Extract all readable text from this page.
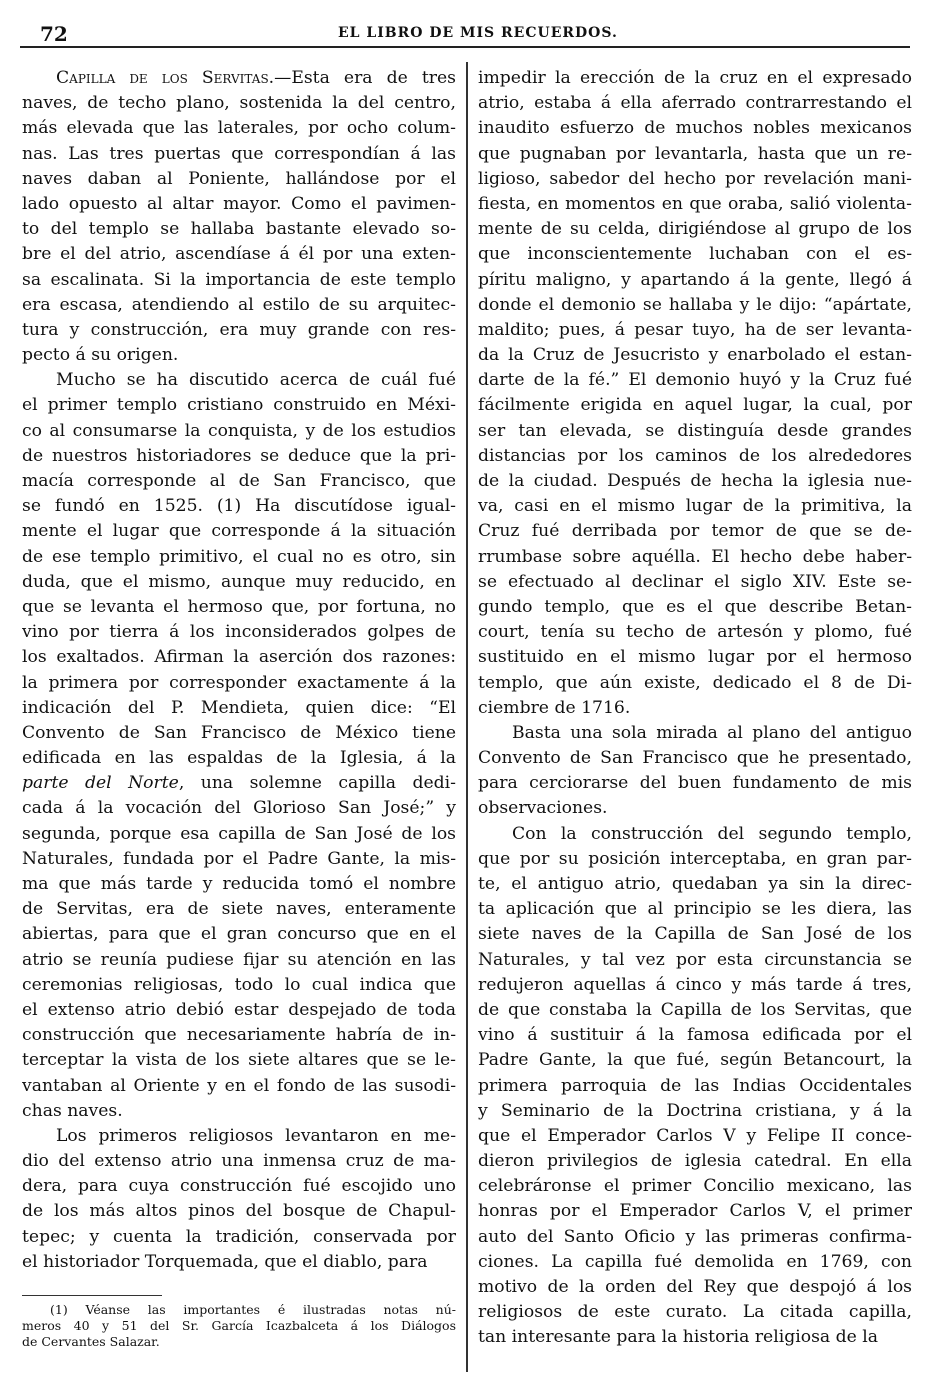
72	EL LIBRO DE MIS RECUERDOS.
Capilla de los Servitas.—Esta era de tres
naves, de techo plano, sostenida la del centro,
más elevada que las laterales, por ocho colum-
nas. Las tres puertas que correspondían á las
naves daban al Poniente, hallándose por el
lado opuesto al altar mayor. Como el pavimen-
to del templo se hallaba bastante elevado so-
bre el del atrio, ascendíase á él por una exten-
sa escalinata. Si la importancia de este templo
era escasa, atendiendo al estilo de su arquitec-
tura y construcción, era muy grande con res-
pecto á su origen.
Mucho se ha discutido acerca de cuál fué
el primer templo cristiano construido en Méxi-
co al consumarse la conquista, y de los estudios
de nuestros historiadores se deduce que la pri-
macía corresponde al de San Francisco, que
se fundó en 1525. (1) Ha discutídose igual-
mente el lugar que corresponde á la situación
de ese templo primitivo, el cual no es otro, sin
duda, que el mismo, aunque muy reducido, en
que se levanta el hermoso que, por fortuna, no
vino por tierra á los inconsiderados golpes de
los exaltados. Afirman la aserción dos razones:
la primera por corresponder exactamente á la
indicación del P. Mendieta, quien dice: “El
Convento de San Francisco de México tiene
edificada en las espaldas de la Iglesia, á la
parte del Norte, una solemne capilla dedi-
cada á la vocación del Glorioso San José;” y
segunda, porque esa capilla de San José de los
Naturales, fundada por el Padre Gante, la mis-
ma que más tarde y reducida tomó el nombre
de Servitas, era de siete naves, enteramente
abiertas, para que el gran concurso que en el
atrio se reunía pudiese fijar su atención en las
ceremonias religiosas, todo lo cual indica que
el extenso atrio debió estar despejado de toda
construcción que necesariamente habría de in-
terceptar la vista de los siete altares que se le-
vantaban al Oriente y en el fondo de las susodi-
chas naves.
Los primeros religiosos levantaron en me-
dio del extenso atrio una inmensa cruz de ma-
dera, para cuya construcción fué escojido uno
de los más altos pinos del bosque de Chapul-
tepec; y cuenta la tradición, conservada por
el historiador Torquemada, que el diablo, para
impedir la erección de la cruz en el expresado
atrio, estaba á ella aferrado contrarrestando el
inaudito esfuerzo de muchos nobles mexicanos
que pugnaban por levantarla, hasta que un re-
ligioso, sabedor del hecho por revelación mani-
fiesta, en momentos en que oraba, salió violenta-
mente de su celda, dirigiéndose al grupo de los
que inconscientemente luchaban con el es-
píritu maligno, y apartando á la gente, llegó á
donde el demonio se hallaba y le dijo: “apártate,
maldito; pues, á pesar tuyo, ha de ser levanta-
da la Cruz de Jesucristo y enarbolado el estan-
darte de la fé.” El demonio huyó y la Cruz fué
fácilmente erigida en aquel lugar, la cual, por
ser tan elevada, se distinguía desde grandes
distancias por los caminos de los alrededores
de la ciudad. Después de hecha la iglesia nue-
va, casi en el mismo lugar de la primitiva, la
Cruz fué derribada por temor de que se de-
rrumbase sobre aquélla. El hecho debe haber-
se efectuado al declinar el siglo XIV. Este se-
gundo templo, que es el que describe Betan-
court, tenía su techo de artesón y plomo, fué
sustituido en el mismo lugar por el hermoso
templo, que aún existe, dedicado el 8 de Di-
ciembre de 1716.
Basta una sola mirada al plano del antiguo
Convento de San Francisco que he presentado,
para cerciorarse del buen fundamento de mis
observaciones.
Con la construcción del segundo templo,
que por su posición interceptaba, en gran par-
te, el antiguo atrio, quedaban ya sin la direc-
ta aplicación que al principio se les diera, las
siete naves de la Capilla de San José de los
Naturales, y tal vez por esta circunstancia se
redujeron aquellas á cinco y más tarde á tres,
de que constaba la Capilla de los Servitas, que
vino á sustituir á la famosa edificada por el
Padre Gante, la que fué, según Betancourt, la
primera parroquia de las Indias Occidentales
y Seminario de la Doctrina cristiana, y á la
que el Emperador Carlos V y Felipe II conce-
dieron privilegios de iglesia catedral. En ella
celebráronse el primer Concilio mexicano, las
honras por el Emperador Carlos V, el primer
auto del Santo Oficio y las primeras confirma-
ciones. La capilla fué demolida en 1769, con
motivo de la orden del Rey que despojó á los
religiosos de este curato. La citada capilla,
tan interesante para la historia religiosa de la
(1) Véanse las importantes é ilustradas notas nú-
meros 40 y 51 del Sr. García Icazbalceta á los Diálogos
de Cervantes Salazar.
